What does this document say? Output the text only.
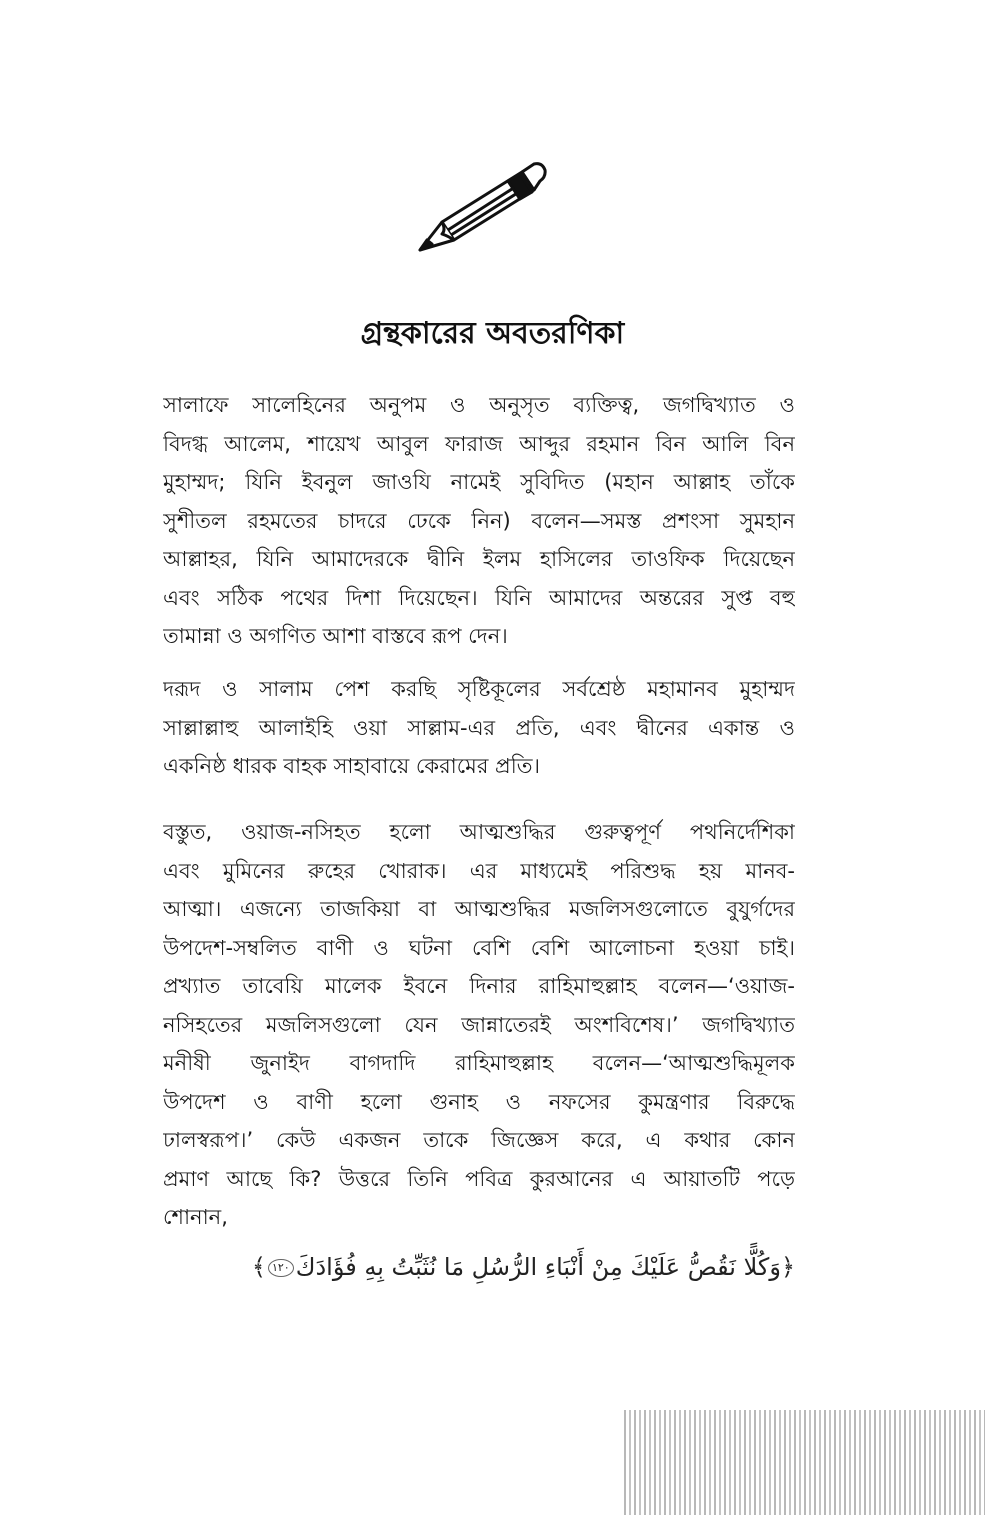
গ্রন্থকারের অবতরণিকা
সালাফে সালেহিনের অনুপম ও অনুসৃত ব্যক্তিত্ব, জগদ্বিখ্যাত ও
বিদগ্ধ আলেম, শায়েখ আবুল ফারাজ আব্দুর রহমান বিন আলি বিন
মুহাম্মদ; যিনি ইবনুল জাওযি নামেই সুবিদিত (মহান আল্লাহ তাঁকে
সুশীতল রহমতের চাদরে ঢেকে নিন) বলেন—সমস্ত প্রশংসা সুমহান
আল্লাহর, যিনি আমাদেরকে দ্বীনি ইলম হাসিলের তাওফিক দিয়েছেন
এবং সঠিক পথের দিশা দিয়েছেন। যিনি আমাদের অন্তরের সুপ্ত বহু
তামান্না ও অগণিত আশা বাস্তবে রূপ দেন।
দরূদ ও সালাম পেশ করছি সৃষ্টিকূলের সর্বশ্রেষ্ঠ মহামানব মুহাম্মদ
সাল্লাল্লাহু আলাইহি ওয়া সাল্লাম-এর প্রতি, এবং দ্বীনের একান্ত ও
একনিষ্ঠ ধারক বাহক সাহাবায়ে কেরামের প্রতি।
বস্তুত, ওয়াজ-নসিহত হলো আত্মশুদ্ধির গুরুত্বপূর্ণ পথনির্দেশিকা
এবং মুমিনের রুহের খোরাক। এর মাধ্যমেই পরিশুদ্ধ হয় মানব-
আত্মা। এজন্যে তাজকিয়া বা আত্মশুদ্ধির মজলিসগুলোতে বুযুর্গদের
উপদেশ-সম্বলিত বাণী ও ঘটনা বেশি বেশি আলোচনা হওয়া চাই।
প্রখ্যাত তাবেয়ি মালেক ইবনে দিনার রাহিমাহুল্লাহ বলেন—‘ওয়াজ-
নসিহতের মজলিসগুলো যেন জান্নাতেরই অংশবিশেষ।’ জগদ্বিখ্যাত
মনীষী জুনাইদ বাগদাদি রাহিমাহুল্লাহ বলেন—‘আত্মশুদ্ধিমূলক
উপদেশ ও বাণী হলো গুনাহ ও নফসের কুমন্ত্রণার বিরুদ্ধে
ঢালস্বরূপ।’ কেউ একজন তাকে জিজ্ঞেস করে, এ কথার কোন
প্রমাণ আছে কি? উত্তরে তিনি পবিত্র কুরআনের এ আয়াতটি পড়ে
শোনান,
﴿وَكُلًّا نَقُصُّ عَلَيْكَ مِنْ أَنْبَاءِ الرُّسُلِ مَا نُثَبِّتُ بِهِ فُؤَادَكَ١٢٠﴾
